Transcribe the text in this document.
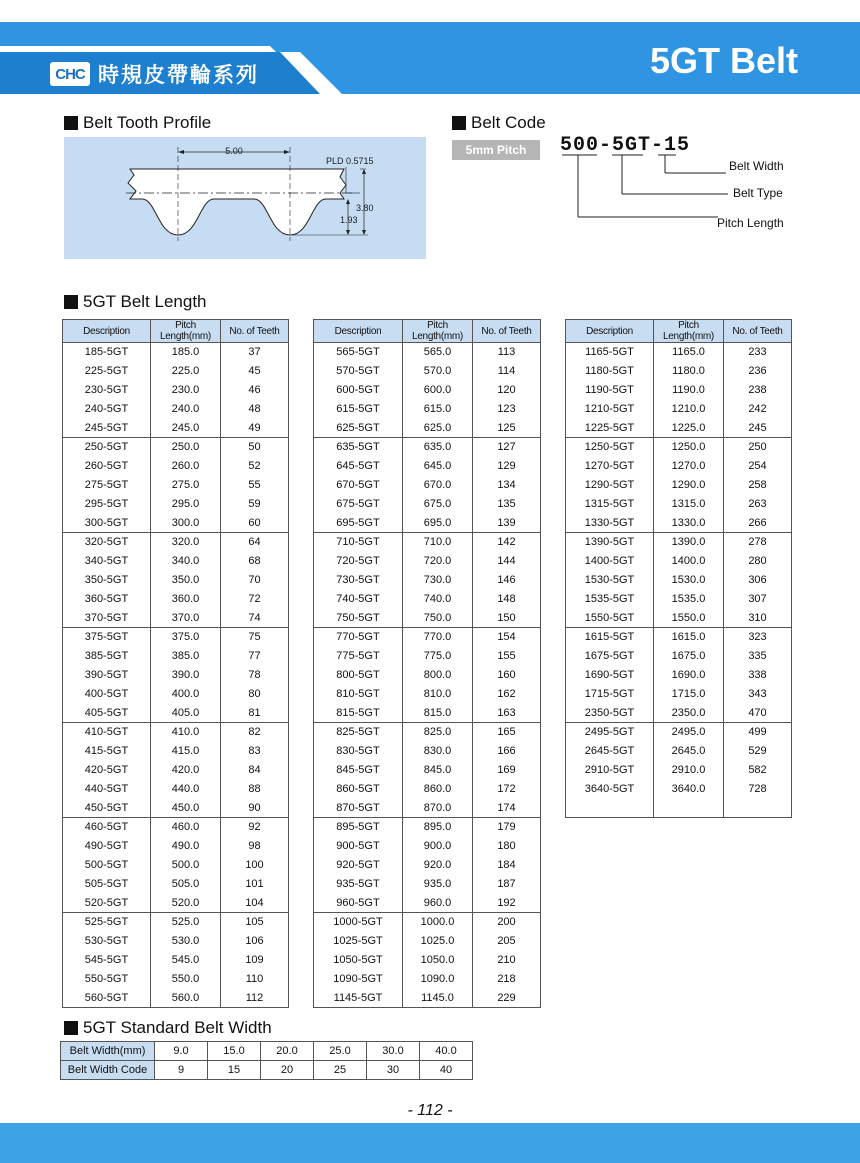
CHC 時規皮帶輪系列	5GT Belt
Belt Tooth Profile
5.00
PLD 0.5715
3.80
1.93
Belt Code
5mm Pitch	500-5GT-15
Belt Width
Belt Type
Pitch Length
5GT Belt Length
Description	Pitch Length(mm)	No. of Teeth
185-5GT	185.0	37
225-5GT	225.0	45
230-5GT	230.0	46
240-5GT	240.0	48
245-5GT	245.0	49
250-5GT	250.0	50
260-5GT	260.0	52
275-5GT	275.0	55
295-5GT	295.0	59
300-5GT	300.0	60
320-5GT	320.0	64
340-5GT	340.0	68
350-5GT	350.0	70
360-5GT	360.0	72
370-5GT	370.0	74
375-5GT	375.0	75
385-5GT	385.0	77
390-5GT	390.0	78
400-5GT	400.0	80
405-5GT	405.0	81
410-5GT	410.0	82
415-5GT	415.0	83
420-5GT	420.0	84
440-5GT	440.0	88
450-5GT	450.0	90
460-5GT	460.0	92
490-5GT	490.0	98
500-5GT	500.0	100
505-5GT	505.0	101
520-5GT	520.0	104
525-5GT	525.0	105
530-5GT	530.0	106
545-5GT	545.0	109
550-5GT	550.0	110
560-5GT	560.0	112
Description	Pitch Length(mm)	No. of Teeth
565-5GT	565.0	113
570-5GT	570.0	114
600-5GT	600.0	120
615-5GT	615.0	123
625-5GT	625.0	125
635-5GT	635.0	127
645-5GT	645.0	129
670-5GT	670.0	134
675-5GT	675.0	135
695-5GT	695.0	139
710-5GT	710.0	142
720-5GT	720.0	144
730-5GT	730.0	146
740-5GT	740.0	148
750-5GT	750.0	150
770-5GT	770.0	154
775-5GT	775.0	155
800-5GT	800.0	160
810-5GT	810.0	162
815-5GT	815.0	163
825-5GT	825.0	165
830-5GT	830.0	166
845-5GT	845.0	169
860-5GT	860.0	172
870-5GT	870.0	174
895-5GT	895.0	179
900-5GT	900.0	180
920-5GT	920.0	184
935-5GT	935.0	187
960-5GT	960.0	192
1000-5GT	1000.0	200
1025-5GT	1025.0	205
1050-5GT	1050.0	210
1090-5GT	1090.0	218
1145-5GT	1145.0	229
Description	Pitch Length(mm)	No. of Teeth
1165-5GT	1165.0	233
1180-5GT	1180.0	236
1190-5GT	1190.0	238
1210-5GT	1210.0	242
1225-5GT	1225.0	245
1250-5GT	1250.0	250
1270-5GT	1270.0	254
1290-5GT	1290.0	258
1315-5GT	1315.0	263
1330-5GT	1330.0	266
1390-5GT	1390.0	278
1400-5GT	1400.0	280
1530-5GT	1530.0	306
1535-5GT	1535.0	307
1550-5GT	1550.0	310
1615-5GT	1615.0	323
1675-5GT	1675.0	335
1690-5GT	1690.0	338
1715-5GT	1715.0	343
2350-5GT	2350.0	470
2495-5GT	2495.0	499
2645-5GT	2645.0	529
2910-5GT	2910.0	582
3640-5GT	3640.0	728

5GT Standard Belt Width
Belt Width(mm)	9.0	15.0	20.0	25.0	30.0	40.0
Belt Width Code	9	15	20	25	30	40
- 112 -
